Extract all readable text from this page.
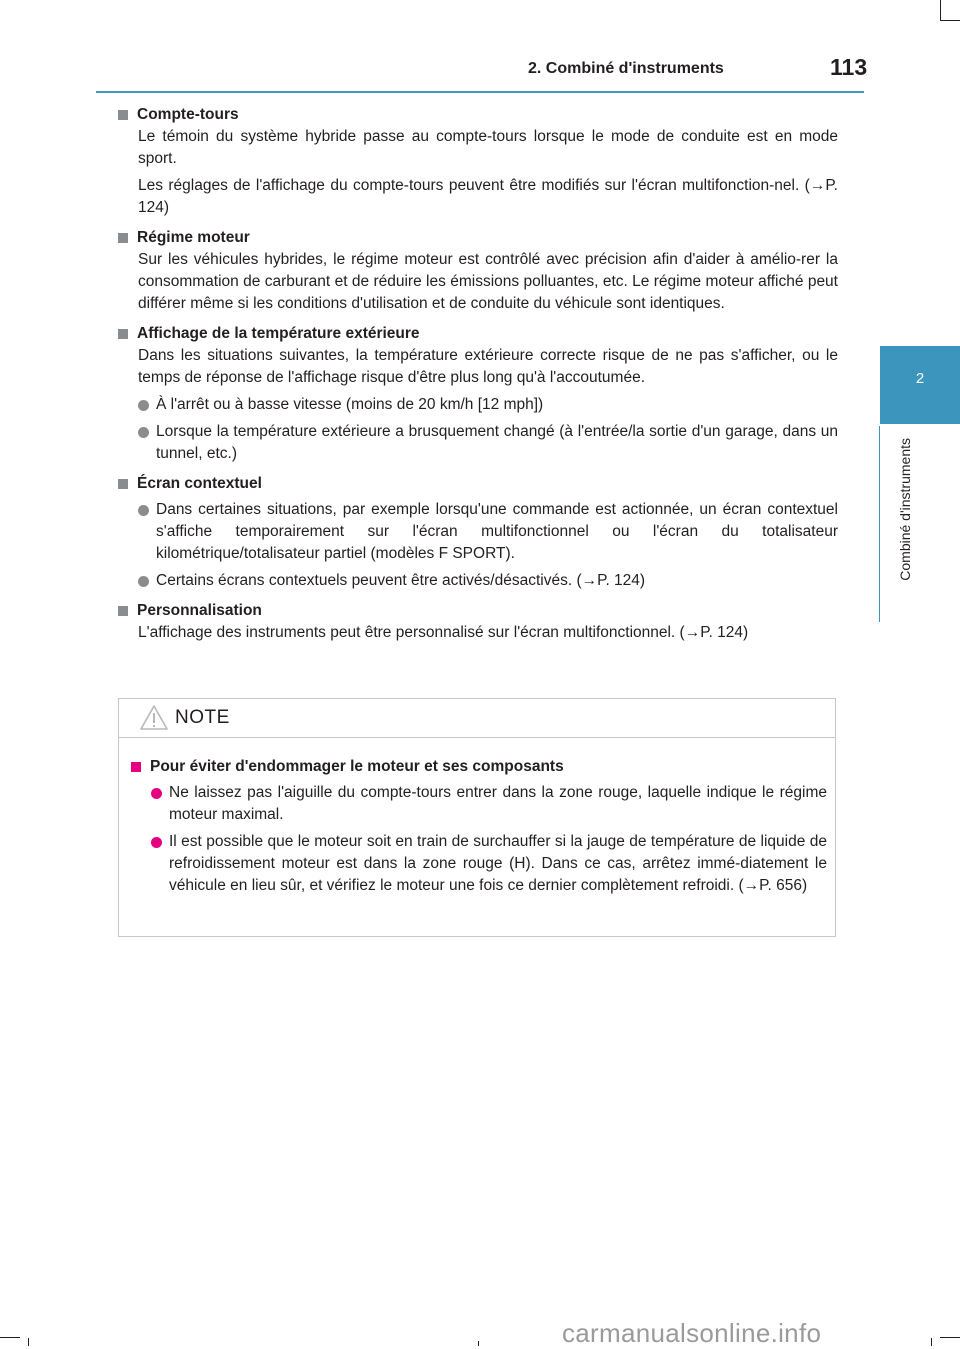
2. Combiné d'instruments	113
2
Combiné d'instruments
Compte-tours

Le témoin du système hybride passe au compte-tours lorsque le mode de conduite est en mode sport.

Les réglages de l'affichage du compte-tours peuvent être modifiés sur l'écran multifonction-nel. (→P. 124)

Régime moteur

Sur les véhicules hybrides, le régime moteur est contrôlé avec précision afin d'aider à amélio-rer la consommation de carburant et de réduire les émissions polluantes, etc. Le régime moteur affiché peut différer même si les conditions d'utilisation et de conduite du véhicule sont identiques.

Affichage de la température extérieure

Dans les situations suivantes, la température extérieure correcte risque de ne pas s'afficher, ou le temps de réponse de l'affichage risque d'être plus long qu'à l'accoutumée.

À l'arrêt ou à basse vitesse (moins de 20 km/h [12 mph])
Lorsque la température extérieure a brusquement changé (à l'entrée/la sortie d'un garage, dans un tunnel, etc.)
Écran contextuel
Dans certaines situations, par exemple lorsqu'une commande est actionnée, un écran contextuel s'affiche temporairement sur l'écran multifonctionnel ou l'écran du totalisateur kilométrique/totalisateur partiel (modèles F SPORT).
Certains écrans contextuels peuvent être activés/désactivés. (→P. 124)
Personnalisation

L'affichage des instruments peut être personnalisé sur l'écran multifonctionnel. (→P. 124)

NOTE
Pour éviter d'endommager le moteur et ses composants
Ne laissez pas l'aiguille du compte-tours entrer dans la zone rouge, laquelle indique le régime moteur maximal.
Il est possible que le moteur soit en train de surchauffer si la jauge de température de liquide de refroidissement moteur est dans la zone rouge (H). Dans ce cas, arrêtez immé-diatement le véhicule en lieu sûr, et vérifiez le moteur une fois ce dernier complètement refroidi. (→P. 656)
carmanualsonline.info
